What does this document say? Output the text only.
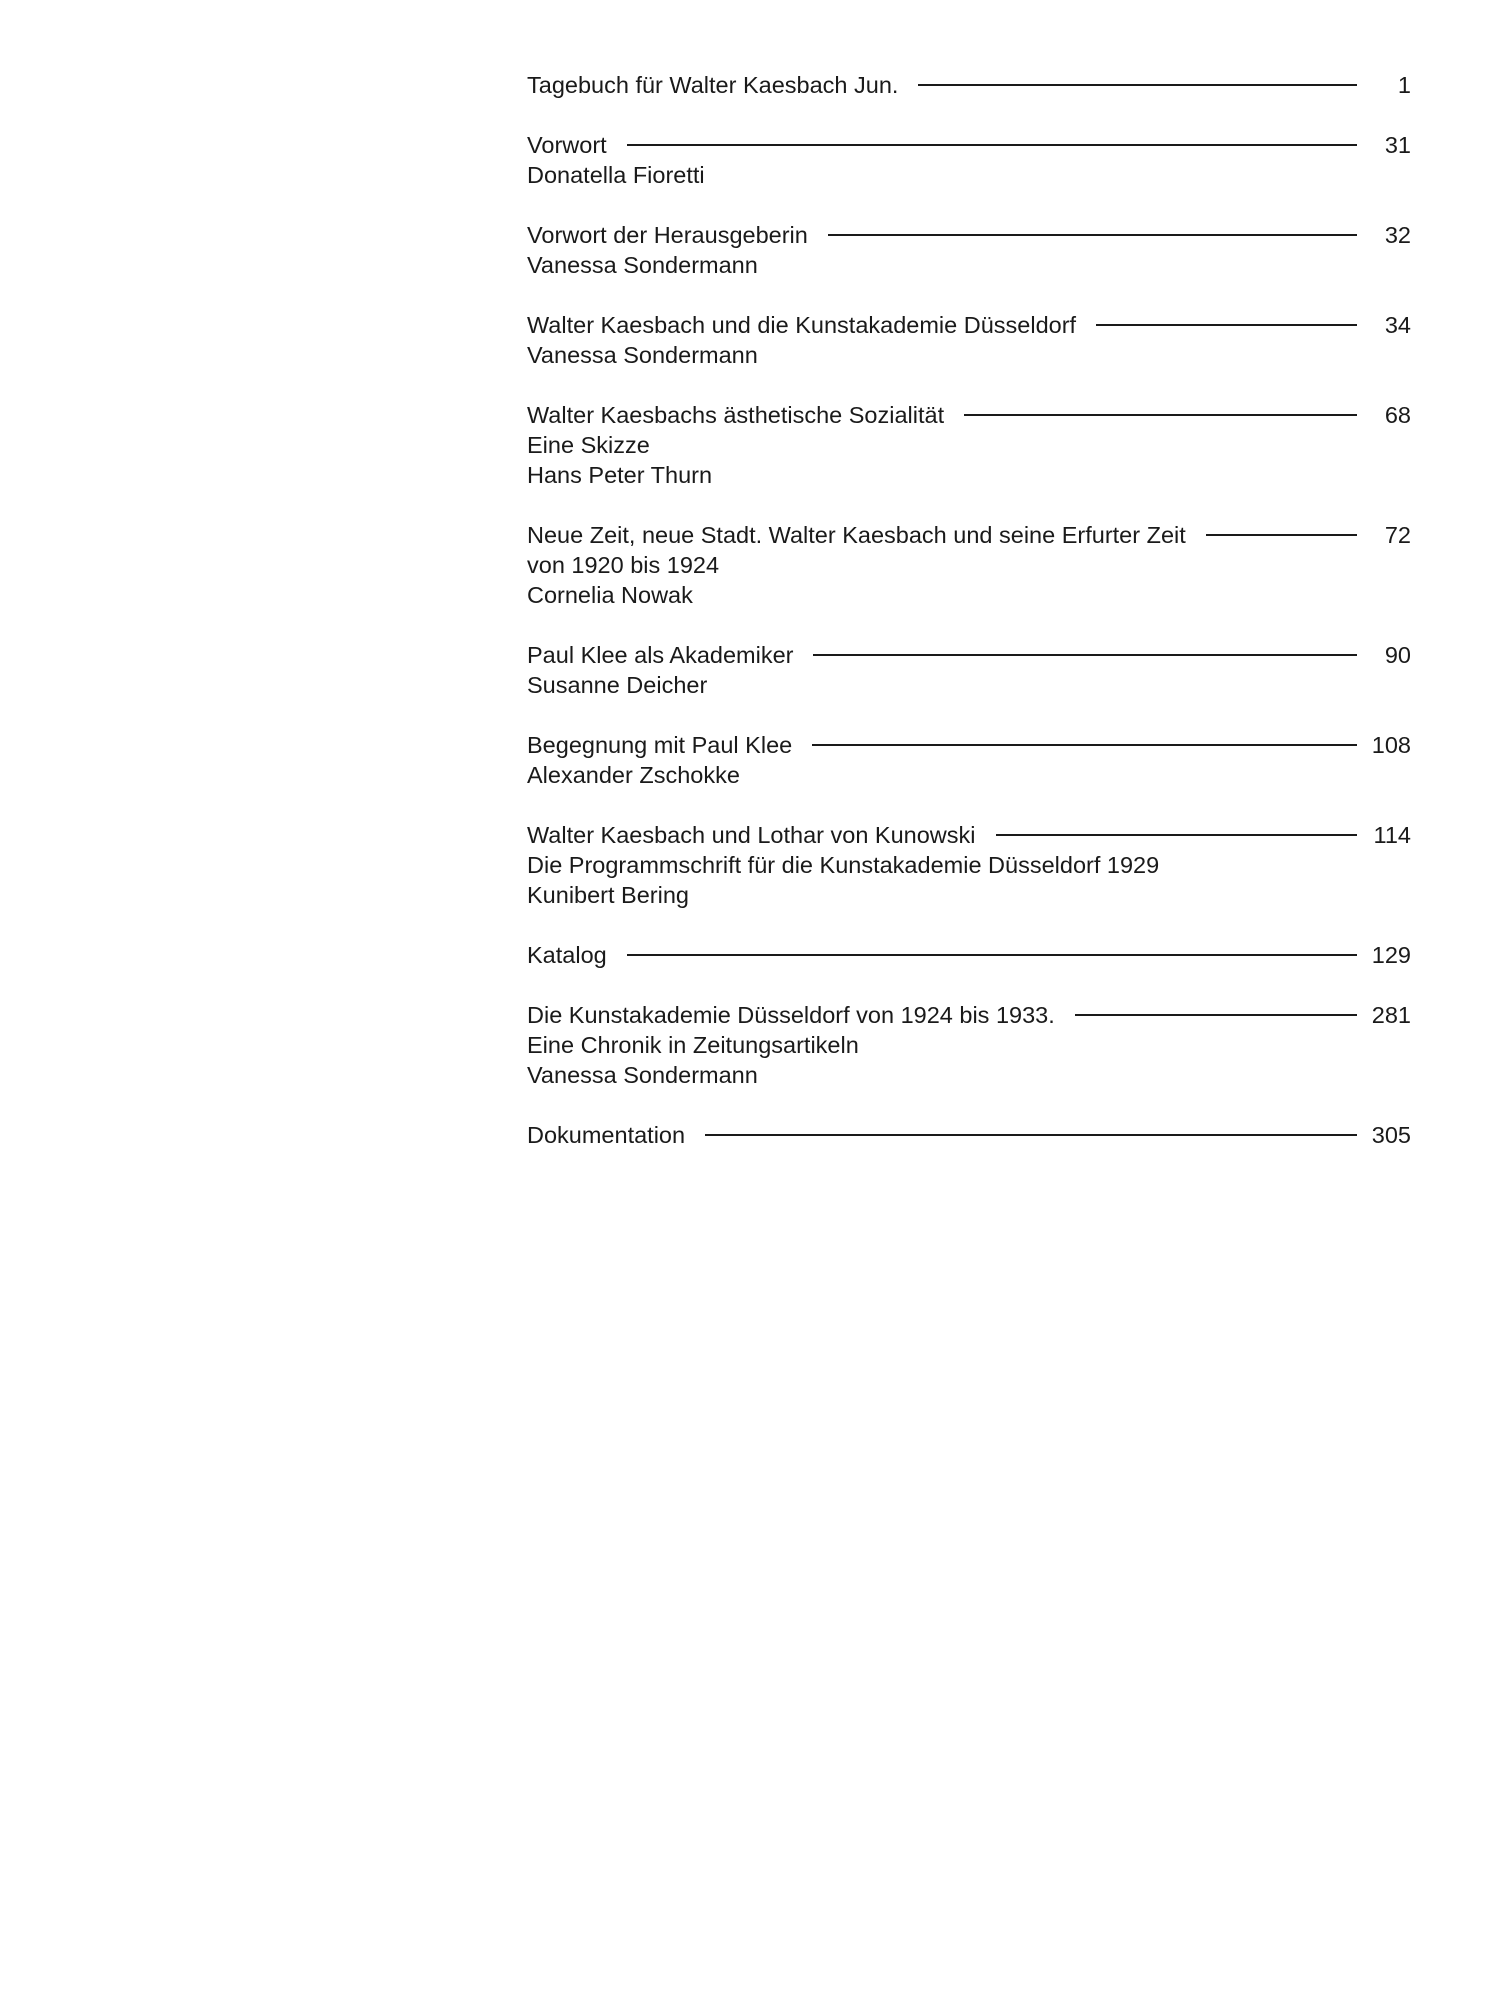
Tagebuch für Walter Kaesbach Jun.	1
Vorwort	31
Donatella Fioretti
Vorwort der Herausgeberin	32
Vanessa Sondermann
Walter Kaesbach und die Kunstakademie Düsseldorf	34
Vanessa Sondermann
Walter Kaesbachs ästhetische Sozialität	68
Eine Skizze
Hans Peter Thurn
Neue Zeit, neue Stadt. Walter Kaesbach und seine Erfurter Zeit	72
von 1920 bis 1924
Cornelia Nowak
Paul Klee als Akademiker	90
Susanne Deicher
Begegnung mit Paul Klee	108
Alexander Zschokke
Walter Kaesbach und Lothar von Kunowski	114
Die Programmschrift für die Kunstakademie Düsseldorf 1929
Kunibert Bering
Katalog	129
Die Kunstakademie Düsseldorf von 1924 bis 1933.	281
Eine Chronik in Zeitungsartikeln
Vanessa Sondermann
Dokumentation	305
